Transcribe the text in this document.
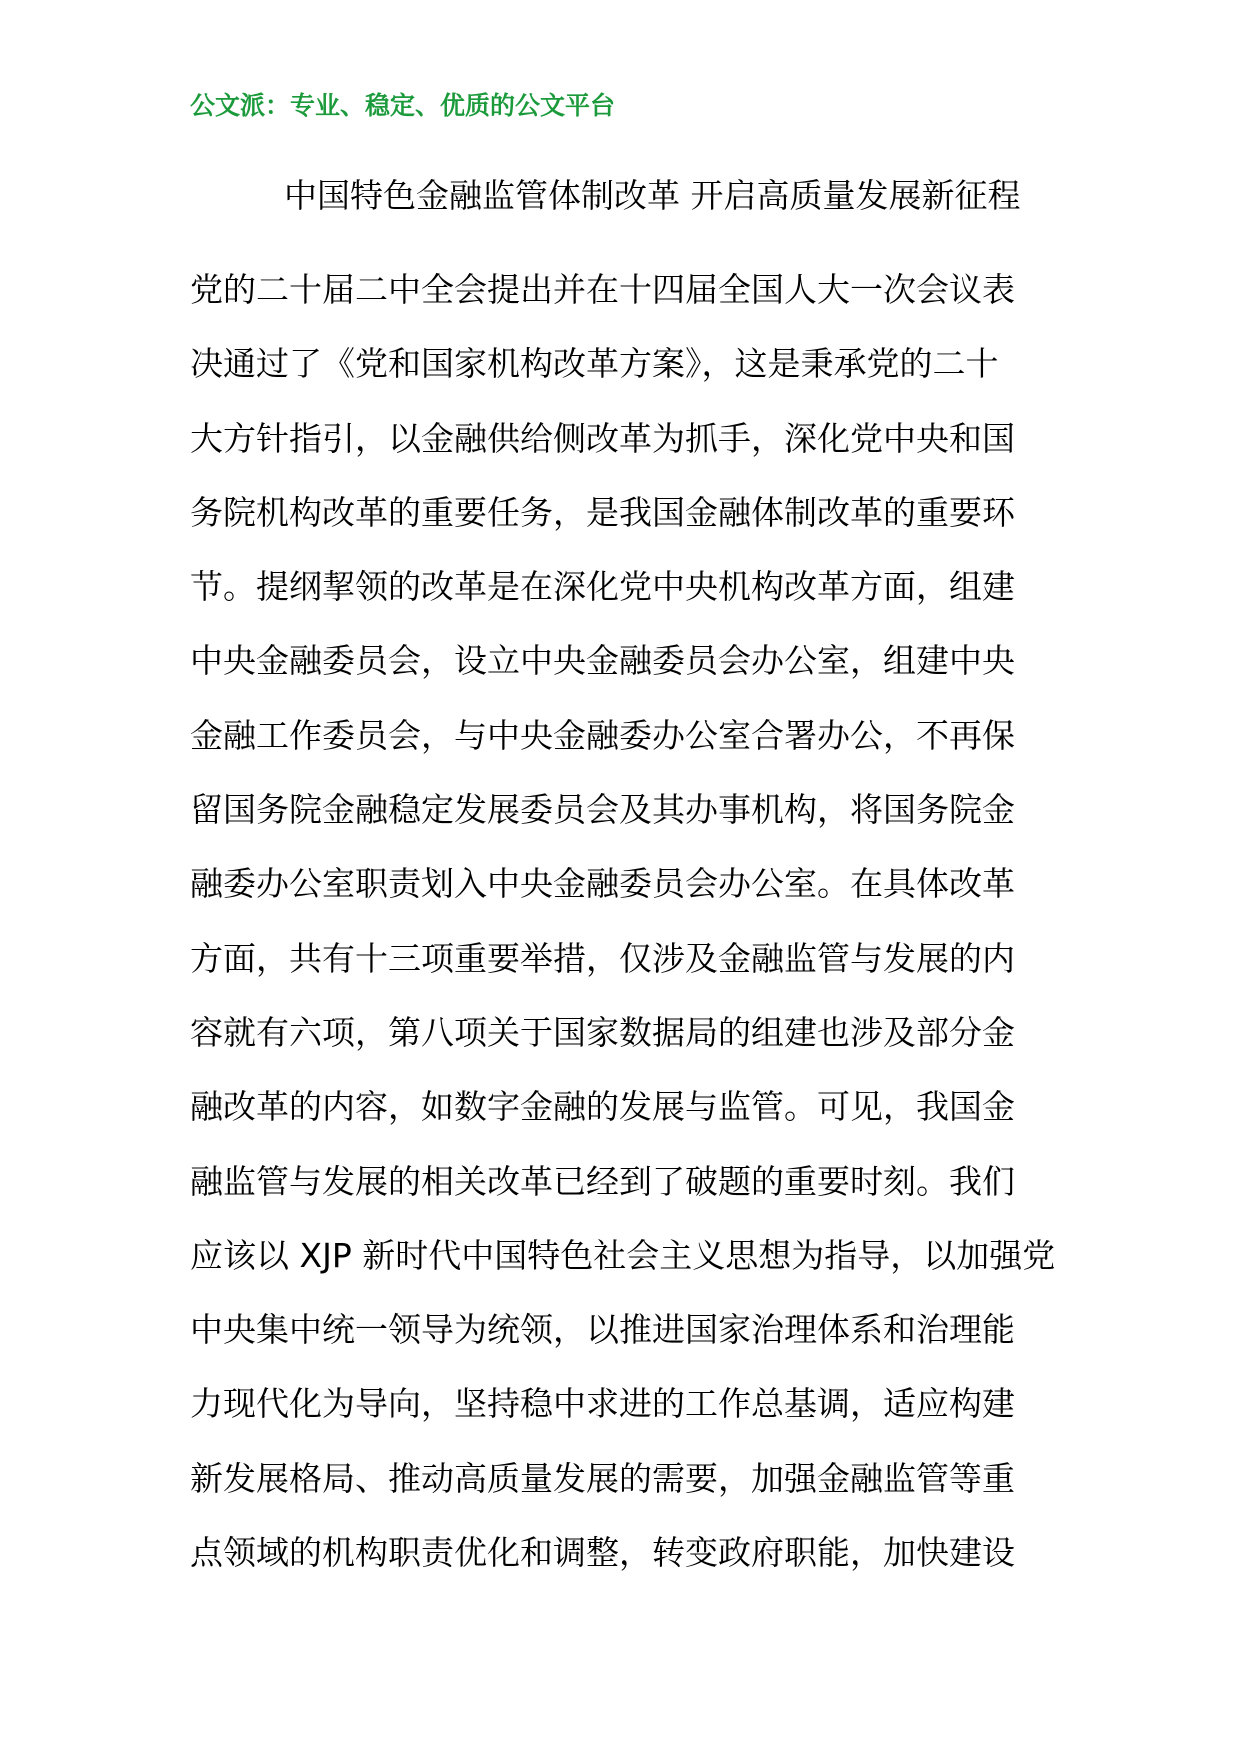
公文派：专业、稳定、优质的公文平台
中国特色金融监管体制改革 开启高质量发展新征程
党的二十届二中全会提出并在十四届全国人大一次会议表
决通过了《党和国家机构改革方案》，这是秉承党的二十
大方针指引，以金融供给侧改革为抓手，深化党中央和国
务院机构改革的重要任务，是我国金融体制改革的重要环
节。提纲挈领的改革是在深化党中央机构改革方面，组建
中央金融委员会，设立中央金融委员会办公室，组建中央
金融工作委员会，与中央金融委办公室合署办公，不再保
留国务院金融稳定发展委员会及其办事机构，将国务院金
融委办公室职责划入中央金融委员会办公室。在具体改革
方面，共有十三项重要举措，仅涉及金融监管与发展的内
容就有六项，第八项关于国家数据局的组建也涉及部分金
融改革的内容，如数字金融的发展与监管。可见，我国金
融监管与发展的相关改革已经到了破题的重要时刻。我们
应该以 XJP 新时代中国特色社会主义思想为指导，以加强党
中央集中统一领导为统领，以推进国家治理体系和治理能
力现代化为导向，坚持稳中求进的工作总基调，适应构建
新发展格局、推动高质量发展的需要，加强金融监管等重
点领域的机构职责优化和调整，转变政府职能，加快建设
